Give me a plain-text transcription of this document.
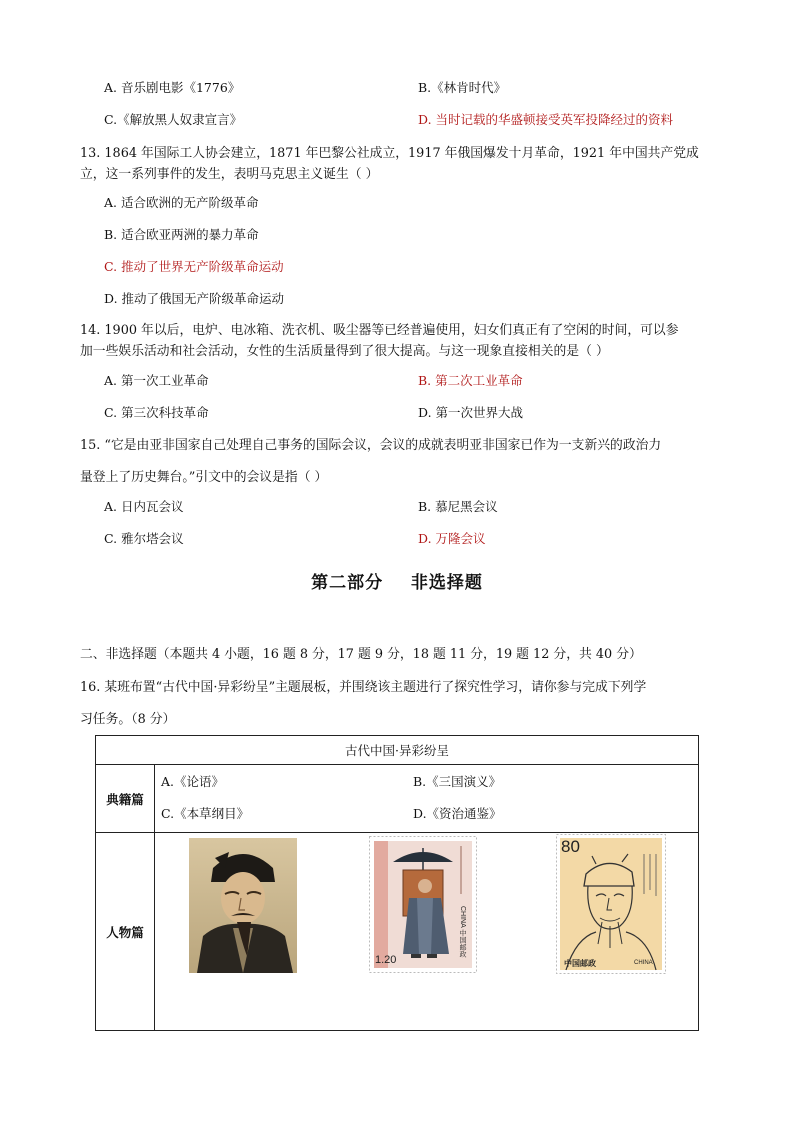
A. 音乐剧电影《1776》	B.《林肯时代》
C.《解放黑人奴隶宣言》	D. 当时记载的华盛顿接受英军投降经过的资料
13. 1864 年国际工人协会建立，1871 年巴黎公社成立，1917 年俄国爆发十月革命，1921 年中国共产党成
立，这一系列事件的发生，表明马克思主义诞生（ ）
A. 适合欧洲的无产阶级革命
B. 适合欧亚两洲的暴力革命
C. 推动了世界无产阶级革命运动
D. 推动了俄国无产阶级革命运动
14. 1900 年以后，电炉、电冰箱、洗衣机、吸尘器等已经普遍使用，妇女们真正有了空闲的时间，可以参
加一些娱乐活动和社会活动，女性的生活质量得到了很大提高。与这一现象直接相关的是（ ）
A. 第一次工业革命	B. 第二次工业革命
C. 第三次科技革命	D. 第一次世界大战
15. “它是由亚非国家自己处理自己事务的国际会议，会议的成就表明亚非国家已作为一支新兴的政治力
量登上了历史舞台。”引文中的会议是指（ ）
A. 日内瓦会议	B. 慕尼黑会议
C. 雅尔塔会议	D. 万隆会议
第二部分    非选择题
二、非选择题（本题共 4 小题，16 题 8 分，17 题 9 分，18 题 11 分，19 题 12 分，共 40 分）
16. 某班布置“古代中国·异彩纷呈”主题展板，并围绕该主题进行了探究性学习，请你参与完成下列学
习任务。（8 分）
古代中国·异彩纷呈	
典籍篇	A.《论语》 B.《三国演义》
C.《本草纲目》 D.《资治通鉴》

人物篇	
1.20
CHINA 中国邮政
80
中国邮政	CHINA
